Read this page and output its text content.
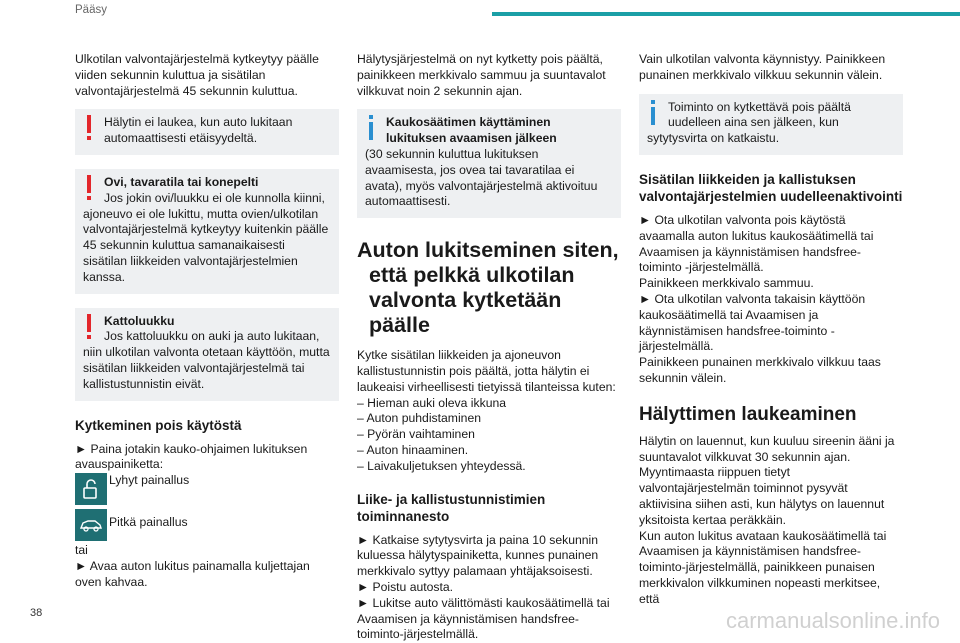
Pääsy

Ulkotilan valvontajärjestelmä kytkeytyy päälle viiden sekunnin kuluttua ja sisätilan valvontajärjestelmä 45 sekunnin kuluttua.

Hälytin ei laukea, kun auto lukitaan automaattisesti etäisyydeltä.
Ovi, tavaratila tai konepelti
Jos jokin ovi/luukku ei ole kunnolla kiinni,
ajoneuvo ei ole lukittu, mutta ovien/ulkotilan valvontajärjestelmä kytkeytyy kuitenkin päälle 45 sekunnin kuluttua samanaikaisesti sisätilan liikkeiden valvontajärjestelmien kanssa.
Kattoluukku
Jos kattoluukku on auki ja auto lukitaan,
niin ulkotilan valvonta otetaan käyttöön, mutta sisätilan liikkeiden valvontajärjestelmä tai kallistustunnistin eivät.
Kytkeminen pois käytöstä
► Paina jotakin kauko-ohjaimen lukituksen avauspainiketta:
Lyhyt painallus
Pitkä painallus
tai
► Avaa auton lukitus painamalla kuljettajan oven kahvaa.

Hälytysjärjestelmä on nyt kytketty pois päältä, painikkeen merkkivalo sammuu ja suuntavalot vilkkuvat noin 2 sekunnin ajan.

Kaukosäätimen käyttäminen lukituksen avaamisen jälkeen
(30 sekunnin kuluttua lukituksen avaamisesta, jos ovea tai tavaratilaa ei avata), myös valvontajärjestelmä aktivoituu automaattisesti.
Auton lukitseminen siten,
että pelkkä ulkotilan valvonta kytketään päälle
Kytke sisätilan liikkeiden ja ajoneuvon kallistustunnistin pois päältä, jotta hälytin ei laukeaisi virheellisesti tietyissä tilanteissa kuten:
– Hieman auki oleva ikkuna
– Auton puhdistaminen
– Pyörän vaihtaminen
– Auton hinaaminen.
– Laivakuljetuksen yhteydessä.
Liike- ja kallistustunnistimien toiminnanesto
► Katkaise sytytysvirta ja paina 10 sekunnin kuluessa hälytyspainiketta, kunnes punainen merkkivalo syttyy palamaan yhtäjaksoisesti.
► Poistu autosta.
► Lukitse auto välittömästi kaukosäätimellä tai Avaamisen ja käynnistämisen handsfree-toiminto-järjestelmällä.

Vain ulkotilan valvonta käynnistyy. Painikkeen punainen merkkivalo vilkkuu sekunnin välein.

Toiminto on kytkettävä pois päältä uudelleen aina sen jälkeen, kun
sytytysvirta on katkaistu.
Sisätilan liikkeiden ja kallistuksen valvontajärjestelmien uudelleenaktivointi
► Ota ulkotilan valvonta pois käytöstä avaamalla auton lukitus kaukosäätimellä tai Avaamisen ja käynnistämisen handsfree-toiminto -järjestelmällä.
Painikkeen merkkivalo sammuu.
► Ota ulkotilan valvonta takaisin käyttöön kaukosäätimellä tai Avaamisen ja käynnistämisen handsfree-toiminto -järjestelmällä.
Painikkeen punainen merkkivalo vilkkuu taas sekunnin välein.
Hälyttimen laukeaminen
Hälytin on lauennut, kun kuuluu sireenin ääni ja suuntavalot vilkkuvat 30 sekunnin ajan.
Myyntimaasta riippuen tietyt valvontajärjestelmän toiminnot pysyvät aktiivisina siihen asti, kun hälytys on lauennut yksitoista kertaa peräkkäin.
Kun auton lukitus avataan kaukosäätimellä tai Avaamisen ja käynnistämisen handsfree-toiminto-järjestelmällä, painikkeen punaisen merkkivalon vilkkuminen nopeasti merkitsee, että
38	carmanualsonline.info
